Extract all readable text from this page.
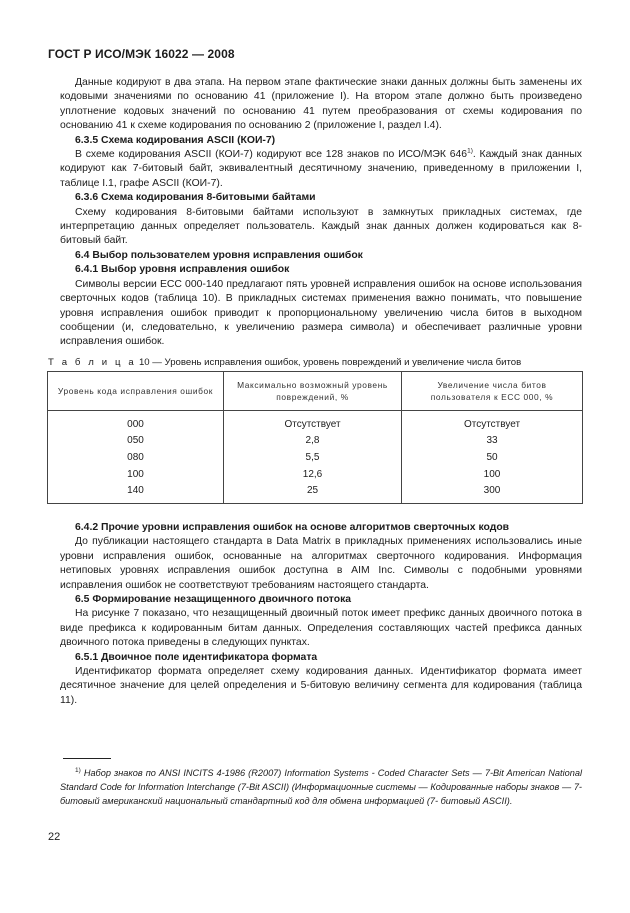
ГОСТ Р ИСО/МЭК 16022 — 2008

Данные кодируют в два этапа. На первом этапе фактические знаки данных должны быть заменены их кодовыми значениями по основанию 41 (приложение I). На втором этапе должно быть произведено уплотнение кодовых значений по основанию 41 путем преобразования от схемы кодирования по основанию 41 к схеме кодирования по основанию 2 (приложение I, раздел I.4).

6.3.5 Схема кодирования ASCII (КОИ-7)

В схеме кодирования ASCII (КОИ-7) кодируют все 128 знаков по ИСО/МЭК 646$^{1)}$. Каждый знак данных кодируют как 7-битовый байт, эквивалентный десятичному значению, приведенному в приложении I, таблице I.1, графе ASCII (КОИ-7).

6.3.6 Схема кодирования 8-битовыми байтами

Схему кодирования 8-битовыми байтами используют в замкнутых прикладных системах, где интерпретацию данных определяет пользователь. Каждый знак данных должен кодироваться как 8-битовый байт.

6.4 Выбор пользователем уровня исправления ошибок

6.4.1 Выбор уровня исправления ошибок

Символы версии ECC 000-140 предлагают пять уровней исправления ошибок на основе использования сверточных кодов (таблица 10). В прикладных системах применения важно понимать, что повышение уровня исправления ошибок приводит к пропорциональному увеличению числа битов в выходном сообщении (и, следовательно, к увеличению размера символа) и обеспечивает различные уровни исправления ошибок.

Т а б л и ц а 10 — Уровень исправления ошибок, уровень повреждений и увеличение числа битов
Уровень кода исправления ошибок	Максимально возможный уровень повреждений, %	Увеличение числа битов пользователя к ECC 000, %
000	Отсутствует	Отсутствует
050	2,8	33
080	5,5	50
100	12,6	100
140	25	300

6.4.2 Прочие уровни исправления ошибок на основе алгоритмов сверточных кодов

До публикации настоящего стандарта в Data Matrix в прикладных применениях использовались иные уровни исправления ошибок, основанные на алгоритмах сверточного кодирования. Информация нетиповых уровнях исправления ошибок доступна в AIM Inc. Символы с подобными уровнями исправления ошибок не соответствуют требованиям настоящего стандарта.

6.5 Формирование незащищенного двоичного потока

На рисунке 7 показано, что незащищенный двоичный поток имеет префикс данных двоичного потока в виде префикса к кодированным битам данных. Определения составляющих частей префикса данных двоичного потока приведены в следующих пунктах.

6.5.1 Двоичное поле идентификатора формата

Идентификатор формата определяет схему кодирования данных. Идентификатор формата имеет десятичное значение для целей определения и 5-битовую величину сегмента для кодирования (таблица 11).

$^{1)}$ Набор знаков по ANSI INCITS 4-1986 (R2007) Information Systems - Coded Character Sets — 7-Bit American National Standard Code for Information Interchange (7-Bit ASCII) (Информационные системы — Кодированные наборы знаков — 7-битовый американский национальный стандартный код для обмена информацией (7- битовый ASCII).
22
